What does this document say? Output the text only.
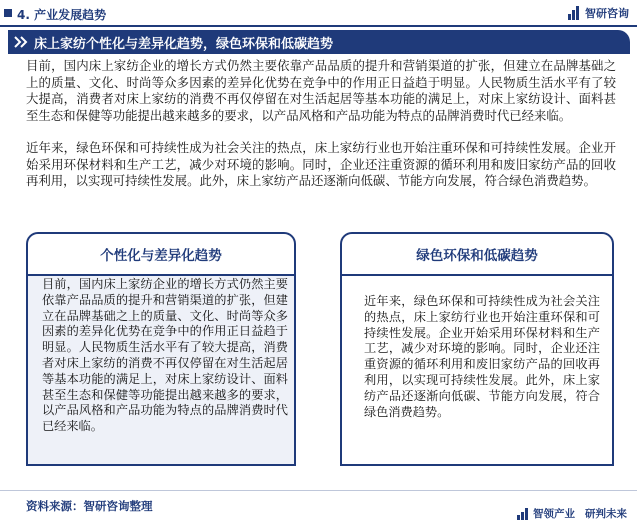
4. 产业发展趋势	智研咨询
床上家纺个性化与差异化趋势，绿色环保和低碳趋势

目前，国内床上家纺企业的增长方式仍然主要依靠产品品质的提升和营销渠道的扩张，但建立在品牌基础之上的质量、文化、时尚等众多因素的差异化优势在竞争中的作用正日益趋于明显。人民物质生活水平有了较大提高，消费者对床上家纺的消费不再仅停留在对生活起居等基本功能的满足上，对床上家纺设计、面料甚至生态和保健等功能提出越来越多的要求，以产品风格和产品功能为特点的品牌消费时代已经来临。

近年来，绿色环保和可持续性成为社会关注的热点，床上家纺行业也开始注重环保和可持续性发展。企业开始采用环保材料和生产工艺，减少对环境的影响。同时，企业还注重资源的循环利用和废旧家纺产品的回收再利用，以实现可持续性发展。此外，床上家纺产品还逐渐向低碳、节能方向发展，符合绿色消费趋势。

个性化与差异化趋势
目前，国内床上家纺企业的增长方式仍然主要依靠产品品质的提升和营销渠道的扩张，但建立在品牌基础之上的质量、文化、时尚等众多因素的差异化优势在竞争中的作用正日益趋于明显。人民物质生活水平有了较大提高，消费者对床上家纺的消费不再仅停留在对生活起居等基本功能的满足上，对床上家纺设计、面料甚至生态和保健等功能提出越来越多的要求，以产品风格和产品功能为特点的品牌消费时代已经来临。
绿色环保和低碳趋势
近年来，绿色环保和可持续性成为社会关注的热点，床上家纺行业也开始注重环保和可持续性发展。企业开始采用环保材料和生产工艺，减少对环境的影响。同时，企业还注重资源的循环利用和废旧家纺产品的回收再利用，以实现可持续性发展。此外，床上家纺产品还逐渐向低碳、节能方向发展，符合绿色消费趋势。
资料来源：智研咨询整理
智领产业 研判未来
